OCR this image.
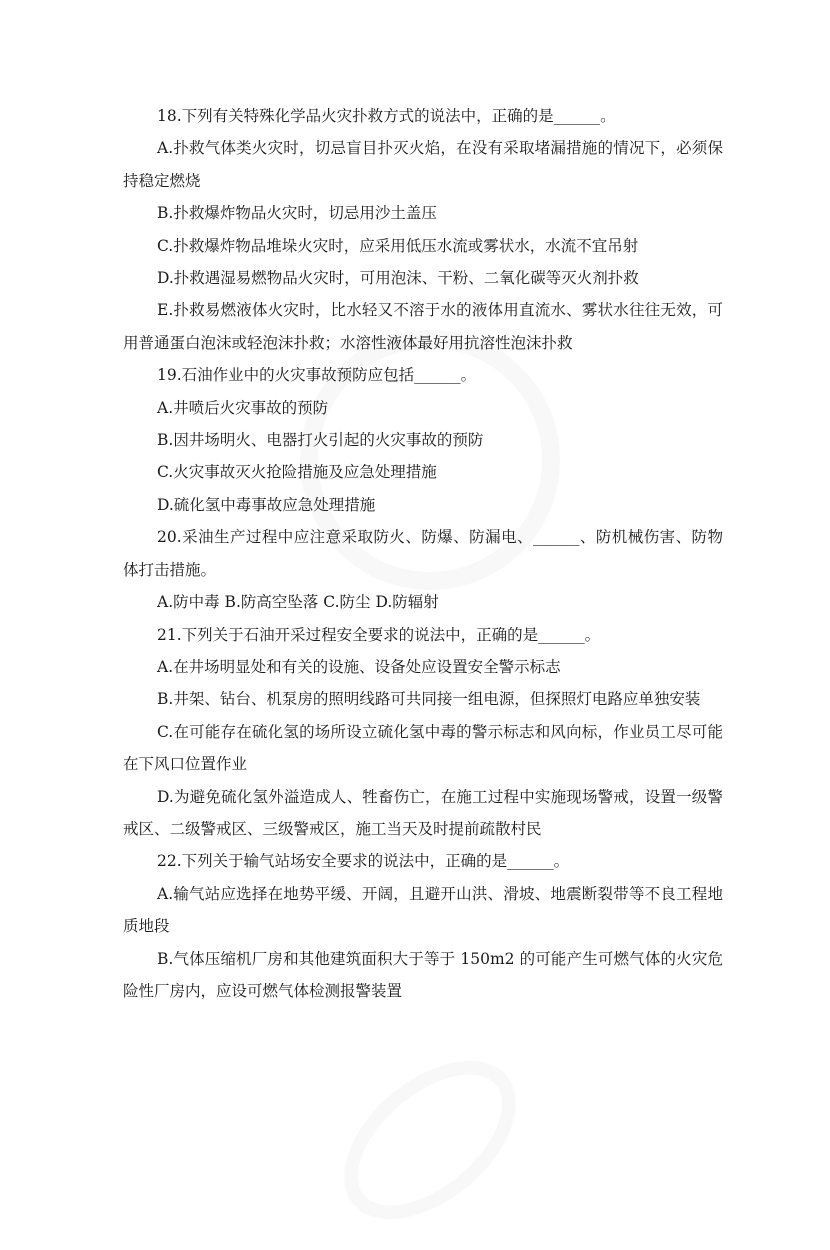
18.下列有关特殊化学品火灾扑救方式的说法中，正确的是______。
A.扑救气体类火灾时，切忌盲目扑灭火焰，在没有采取堵漏措施的情况下，必须保持稳定燃烧
B.扑救爆炸物品火灾时，切忌用沙土盖压
C.扑救爆炸物品堆垛火灾时，应采用低压水流或雾状水，水流不宜吊射
D.扑救遇湿易燃物品火灾时，可用泡沫、干粉、二氧化碳等灭火剂扑救
E.扑救易燃液体火灾时，比水轻又不溶于水的液体用直流水、雾状水往往无效，可用普通蛋白泡沫或轻泡沫扑救；水溶性液体最好用抗溶性泡沫扑救
19.石油作业中的火灾事故预防应包括______。
A.井喷后火灾事故的预防
B.因井场明火、电器打火引起的火灾事故的预防
C.火灾事故灭火抢险措施及应急处理措施
D.硫化氢中毒事故应急处理措施
20.采油生产过程中应注意采取防火、防爆、防漏电、______、防机械伤害、防物体打击措施。
A.防中毒 B.防高空坠落 C.防尘 D.防辐射
21.下列关于石油开采过程安全要求的说法中，正确的是______。
A.在井场明显处和有关的设施、设备处应设置安全警示标志
B.井架、钻台、机泵房的照明线路可共同接一组电源，但探照灯电路应单独安装
C.在可能存在硫化氢的场所设立硫化氢中毒的警示标志和风向标，作业员工尽可能在下风口位置作业
D.为避免硫化氢外溢造成人、牲畜伤亡，在施工过程中实施现场警戒，设置一级警戒区、二级警戒区、三级警戒区，施工当天及时提前疏散村民
22.下列关于输气站场安全要求的说法中，正确的是______。
A.输气站应选择在地势平缓、开阔，且避开山洪、滑坡、地震断裂带等不良工程地质地段
B.气体压缩机厂房和其他建筑面积大于等于 150m2 的可能产生可燃气体的火灾危险性厂房内，应设可燃气体检测报警装置
